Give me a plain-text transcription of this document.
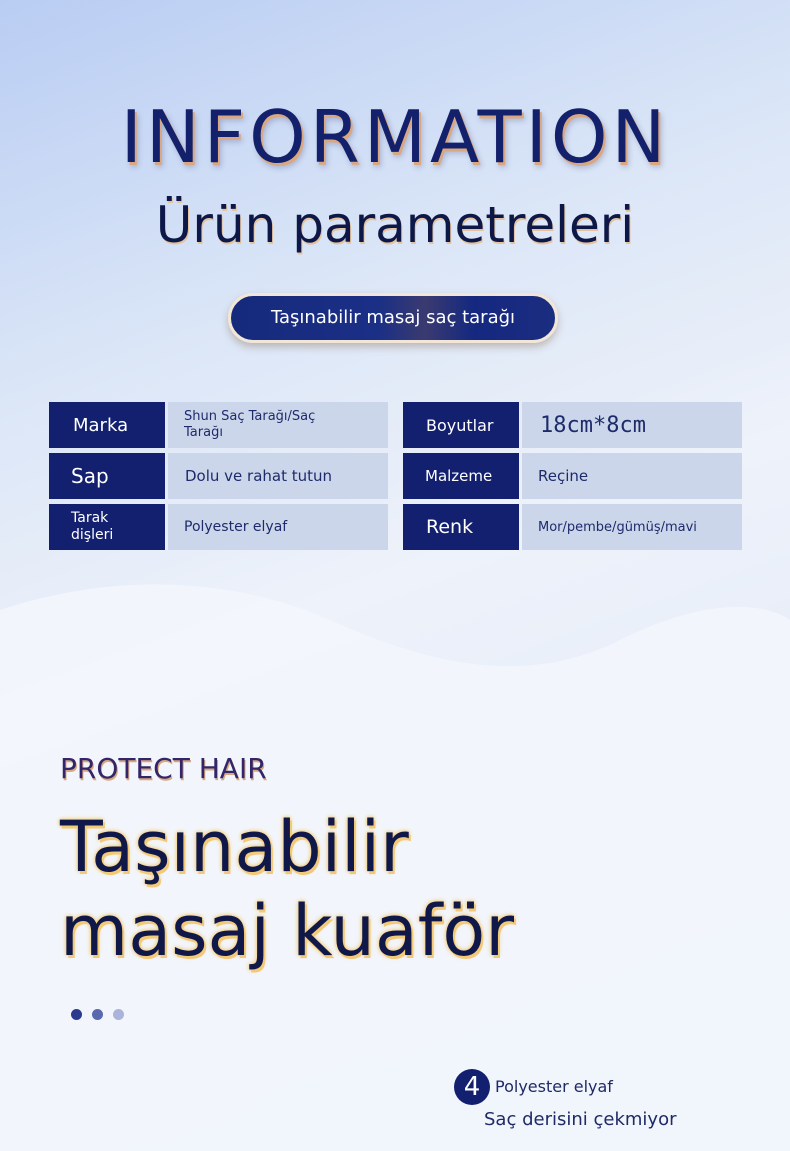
INFORMATION
Ürün parametreleri
Taşınabilir masaj saç tarağı
Marka	Shun Saç Tarağı/Saç Tarağı
Sap	Dolu ve rahat tutun
Tarak dişleri	Polyester elyaf
Boyutlar 18cm*8cm
Malzeme	Reçine
Renk	Mor/pembe/gümüş/mavi
PROTECT HAIR
Taşınabilir
masaj kuaför
4 Polyester elyaf
Saç derisini çekmiyor
